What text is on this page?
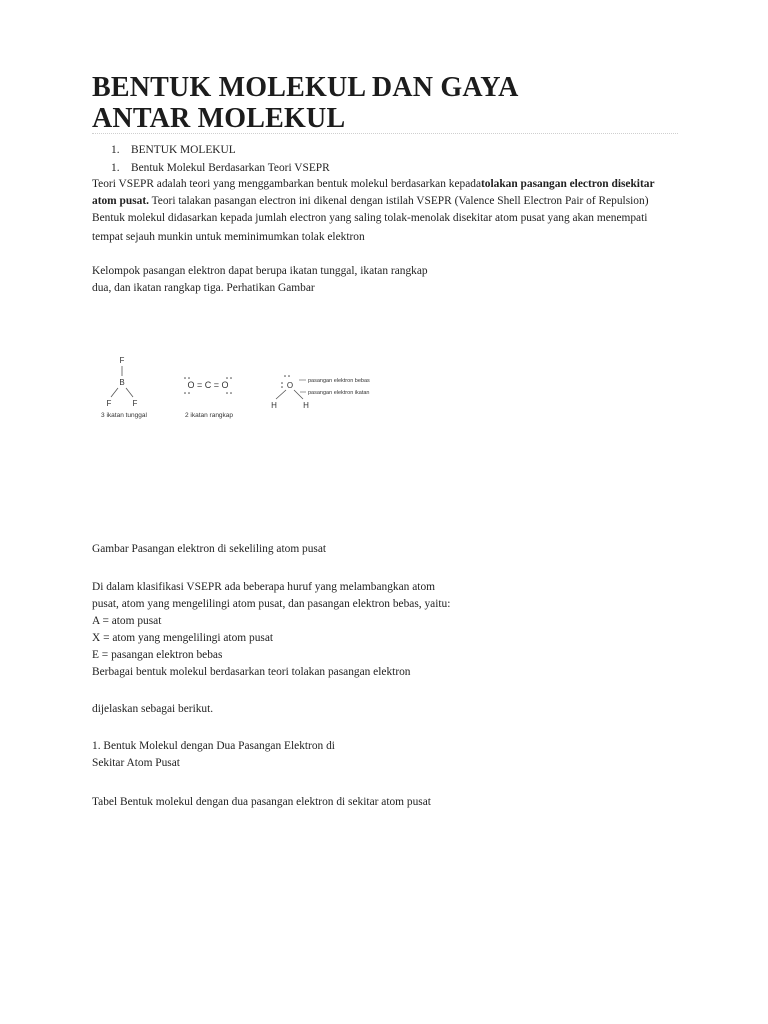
BENTUK MOLEKUL DAN GAYA
ANTAR MOLEKUL
1. BENTUK MOLEKUL
1. Bentuk Molekul Berdasarkan Teori VSEPR
Teori VSEPR adalah teori yang menggambarkan bentuk molekul berdasarkan kepadatolakan pasangan electron disekitar
atom pusat. Teori talakan pasangan electron ini dikenal dengan istilah VSEPR (Valence Shell Electron Pair of Repulsion)
Bentuk molekul didasarkan kepada jumlah electron yang saling tolak-menolak disekitar atom pusat yang akan menempati
tempat sejauh munkin untuk meminimumkan tolak elektron
Kelompok pasangan elektron dapat berupa ikatan tunggal, ikatan rangkap
dua, dan ikatan rangkap tiga. Perhatikan Gambar
F
B
F	F
3 ikatan tunggal
O = C = O
2 ikatan rangkap
O
H	H
pasangan elektron bebas
pasangan elektron ikatan
Gambar Pasangan elektron di sekeliling atom pusat
Di dalam klasifikasi VSEPR ada beberapa huruf yang melambangkan atom
pusat, atom yang mengelilingi atom pusat, dan pasangan elektron bebas, yaitu:
A = atom pusat
X = atom yang mengelilingi atom pusat
E = pasangan elektron bebas
Berbagai bentuk molekul berdasarkan teori tolakan pasangan elektron
dijelaskan sebagai berikut.
1. Bentuk Molekul dengan Dua Pasangan Elektron di
Sekitar Atom Pusat
Tabel Bentuk molekul dengan dua pasangan elektron di sekitar atom pusat
